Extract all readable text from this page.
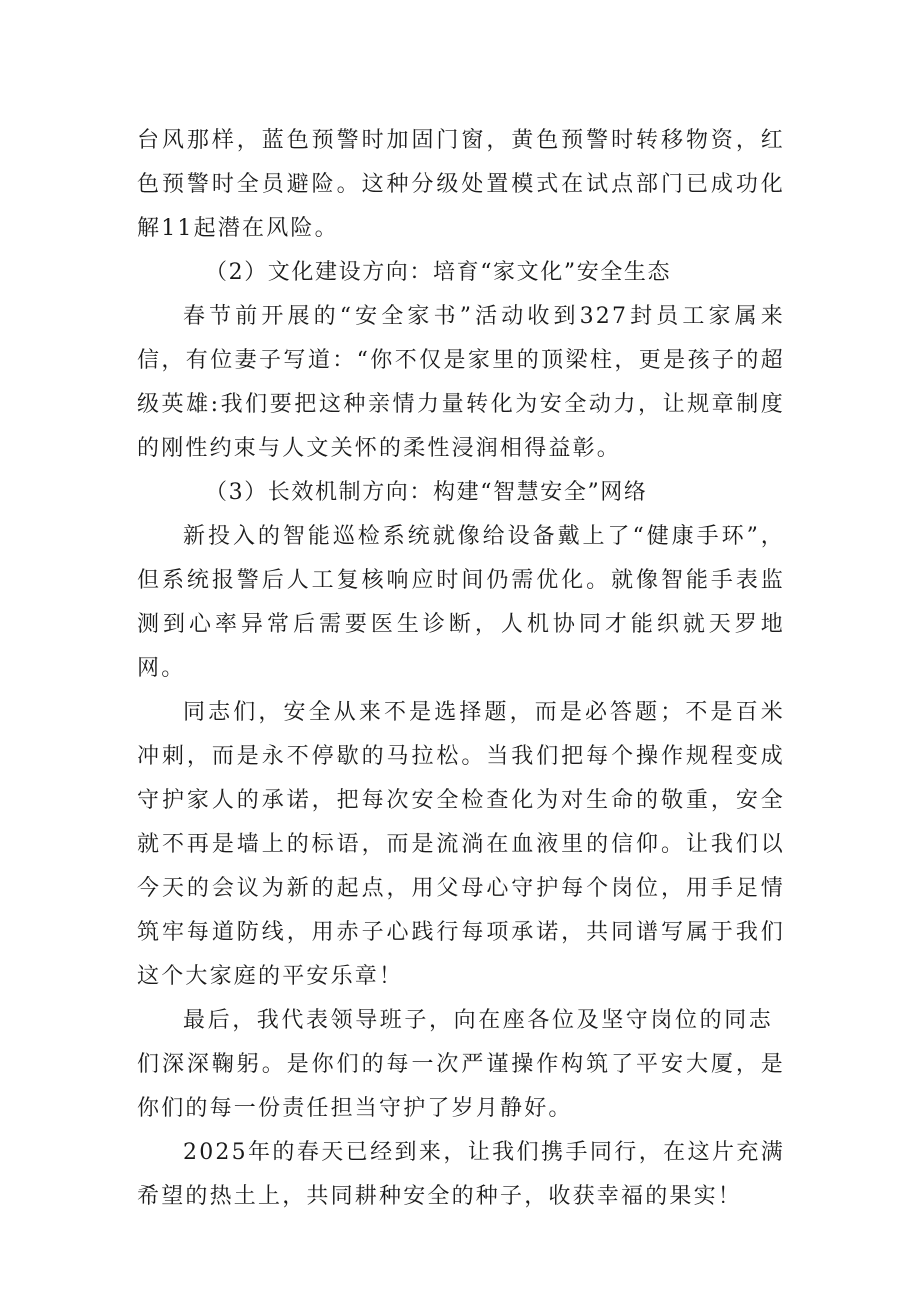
台风那样，蓝色预警时加固门窗，黄色预警时转移物资，红色预警时全员避险。这种分级处置模式在试点部门已成功化解11起潜在风险。

（2）文化建设方向：培育“家文化”安全生态

春节前开展的“安全家书”活动收到327封员工家属来信，有位妻子写道：“你不仅是家里的顶梁柱，更是孩子的超级英雄:我们要把这种亲情力量转化为安全动力，让规章制度的刚性约束与人文关怀的柔性浸润相得益彰。

（3）长效机制方向：构建“智慧安全”网络

新投入的智能巡检系统就像给设备戴上了“健康手环”，但系统报警后人工复核响应时间仍需优化。就像智能手表监测到心率异常后需要医生诊断，人机协同才能织就天罗地网。

同志们，安全从来不是选择题，而是必答题；不是百米冲刺，而是永不停歇的马拉松。当我们把每个操作规程变成守护家人的承诺，把每次安全检查化为对生命的敬重，安全就不再是墙上的标语，而是流淌在血液里的信仰。让我们以今天的会议为新的起点，用父母心守护每个岗位，用手足情筑牢每道防线，用赤子心践行每项承诺，共同谱写属于我们这个大家庭的平安乐章！

最后，我代表领导班子，向在座各位及坚守岗位的同志

们深深鞠躬。是你们的每一次严谨操作构筑了平安大厦，是你们的每一份责任担当守护了岁月静好。

2025年的春天已经到来，让我们携手同行，在这片充满希望的热土上，共同耕种安全的种子，收获幸福的果实！
